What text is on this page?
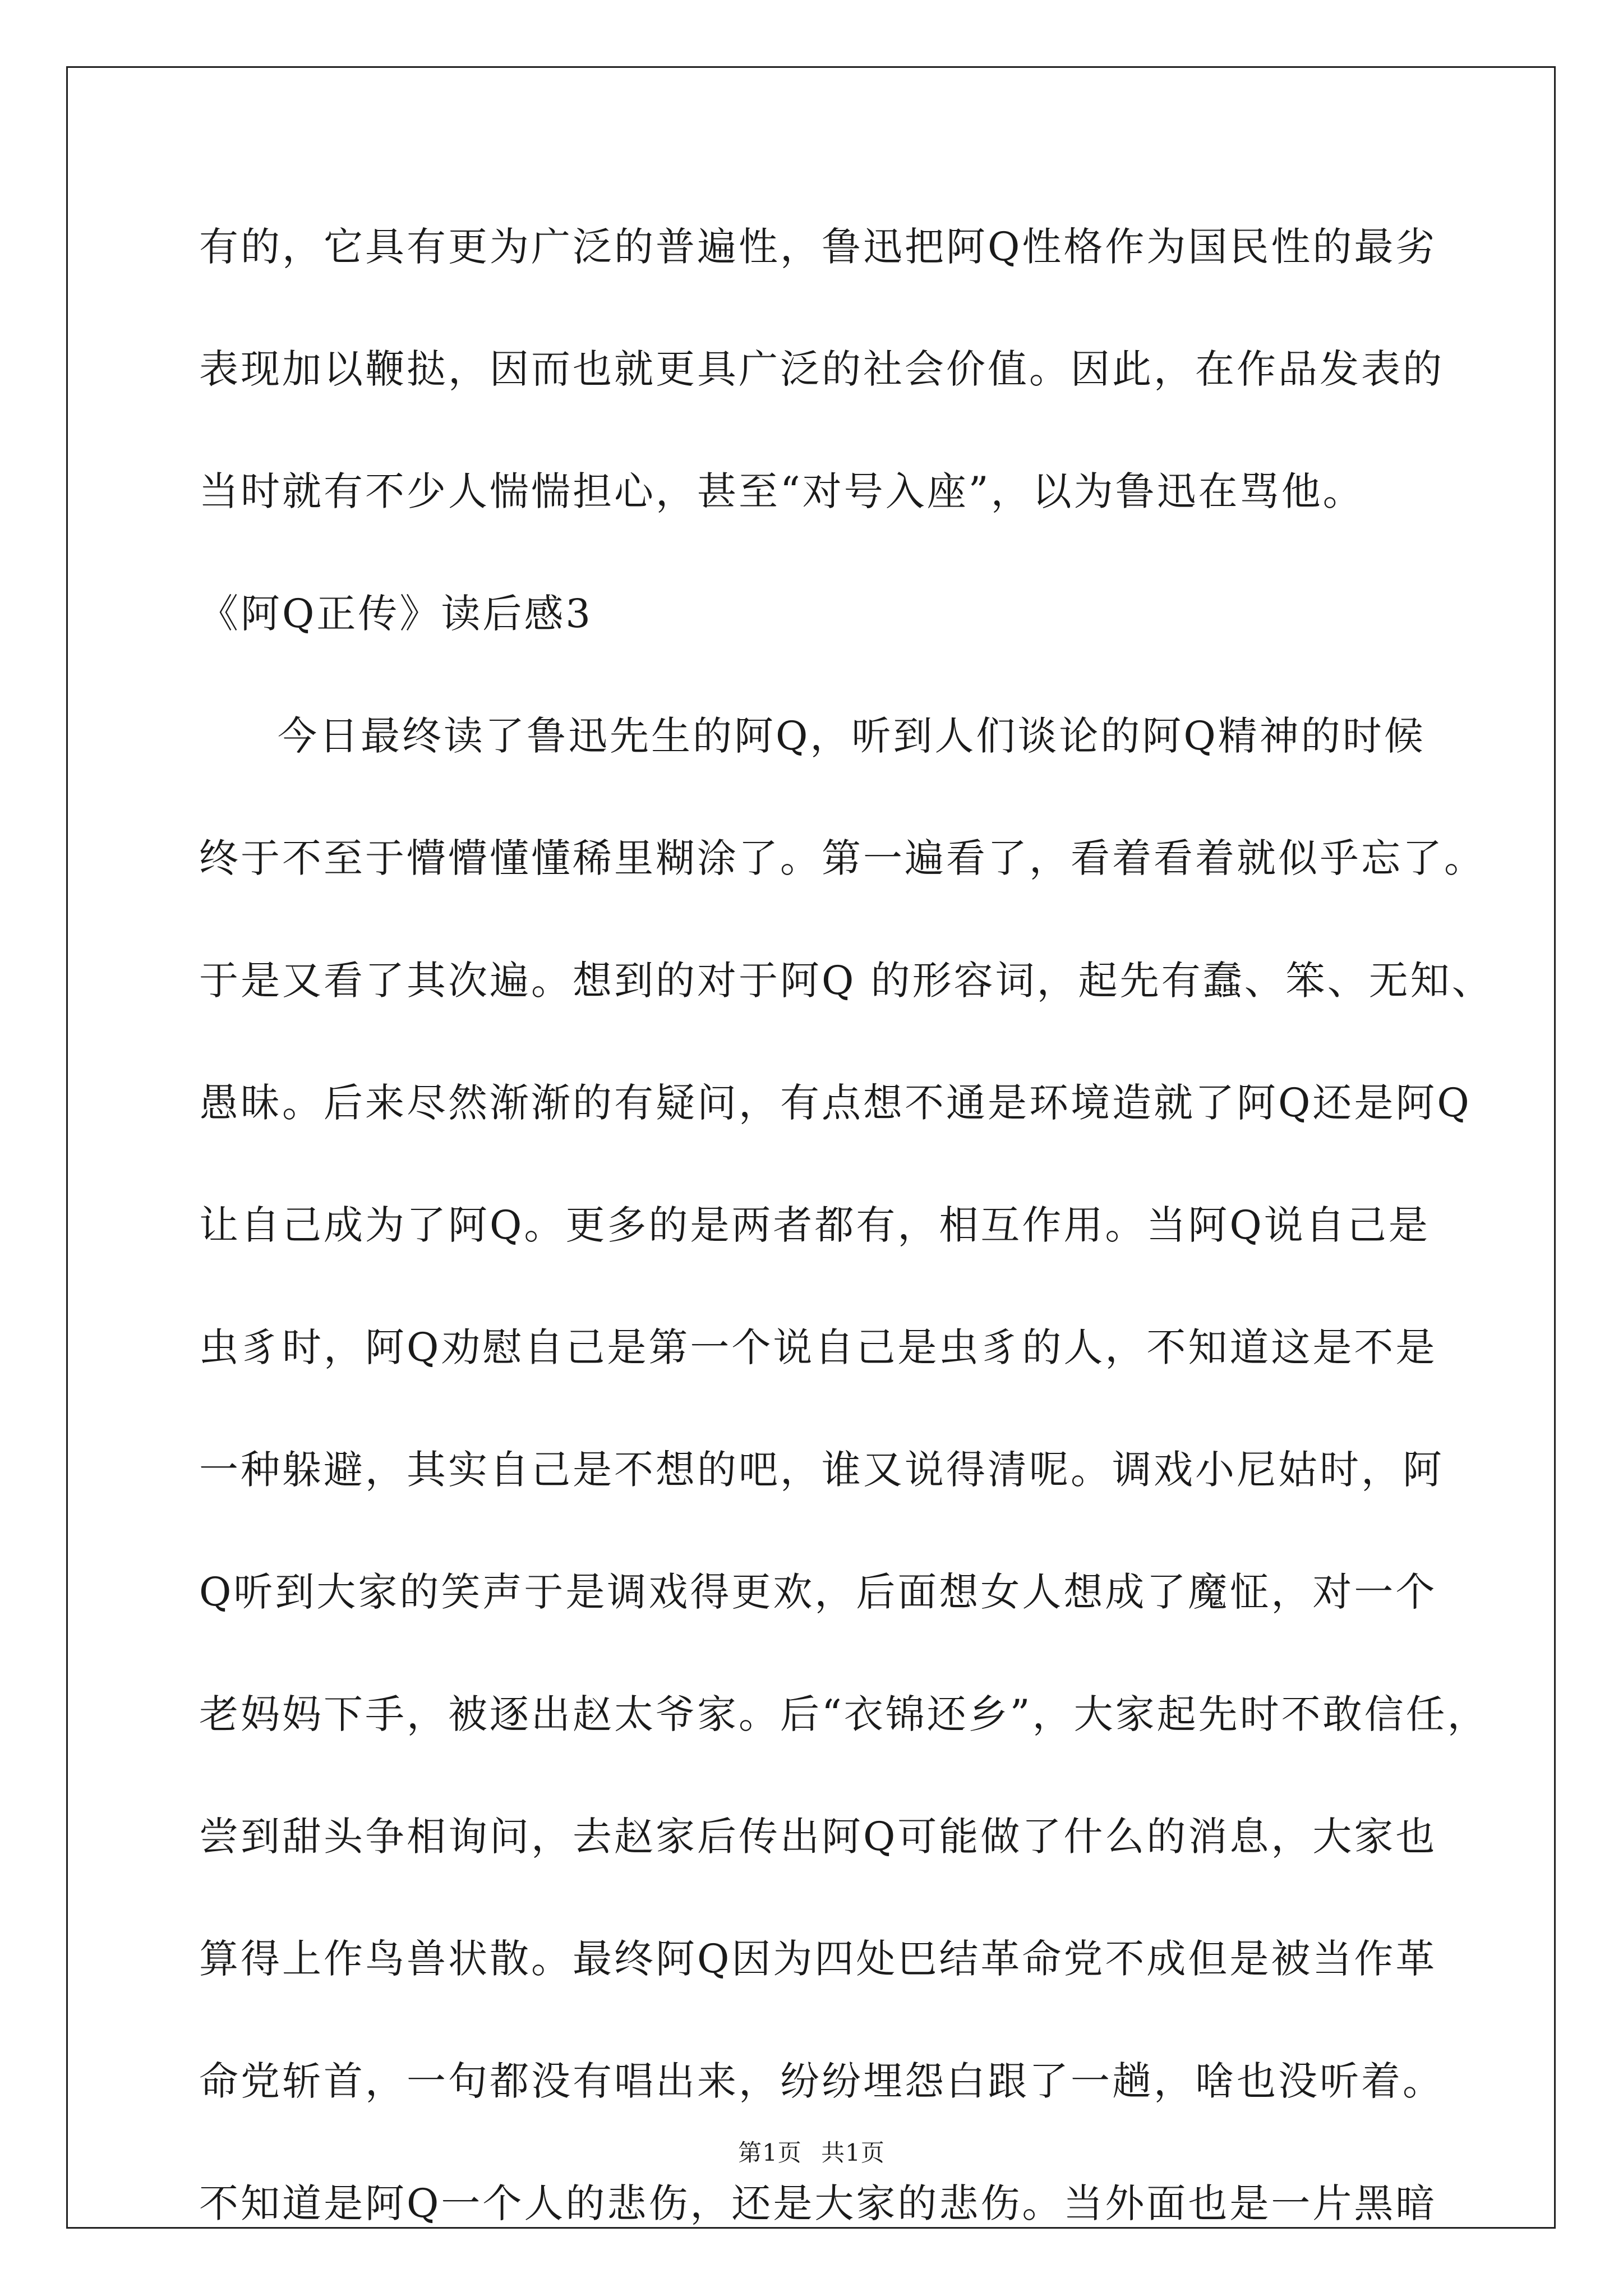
有的，它具有更为广泛的普遍性，鲁迅把阿Q性格作为国民性的最劣
表现加以鞭挞，因而也就更具广泛的社会价值。因此，在作品发表的
当时就有不少人惴惴担心，甚至“对号入座”，以为鲁迅在骂他。
《阿Q正传》读后感3
今日最终读了鲁迅先生的阿Q，听到人们谈论的阿Q精神的时候
终于不至于懵懵懂懂稀里糊涂了。第一遍看了，看着看着就似乎忘了。
于是又看了其次遍。想到的对于阿Q 的形容词，起先有蠢、笨、无知、
愚昧。后来尽然渐渐的有疑问，有点想不通是环境造就了阿Q还是阿Q
让自己成为了阿Q。更多的是两者都有，相互作用。当阿Q说自己是
虫豸时，阿Q劝慰自己是第一个说自己是虫豸的人，不知道这是不是
一种躲避，其实自己是不想的吧，谁又说得清呢。调戏小尼姑时，阿
Q听到大家的笑声于是调戏得更欢，后面想女人想成了魔怔，对一个
老妈妈下手，被逐出赵太爷家。后“衣锦还乡”，大家起先时不敢信任，
尝到甜头争相询问，去赵家后传出阿Q可能做了什么的消息，大家也
算得上作鸟兽状散。最终阿Q因为四处巴结革命党不成但是被当作革
命党斩首，一句都没有唱出来，纷纷埋怨白跟了一趟，啥也没听着。
不知道是阿Q一个人的悲伤，还是大家的悲伤。当外面也是一片黑暗
第1页 共1页
